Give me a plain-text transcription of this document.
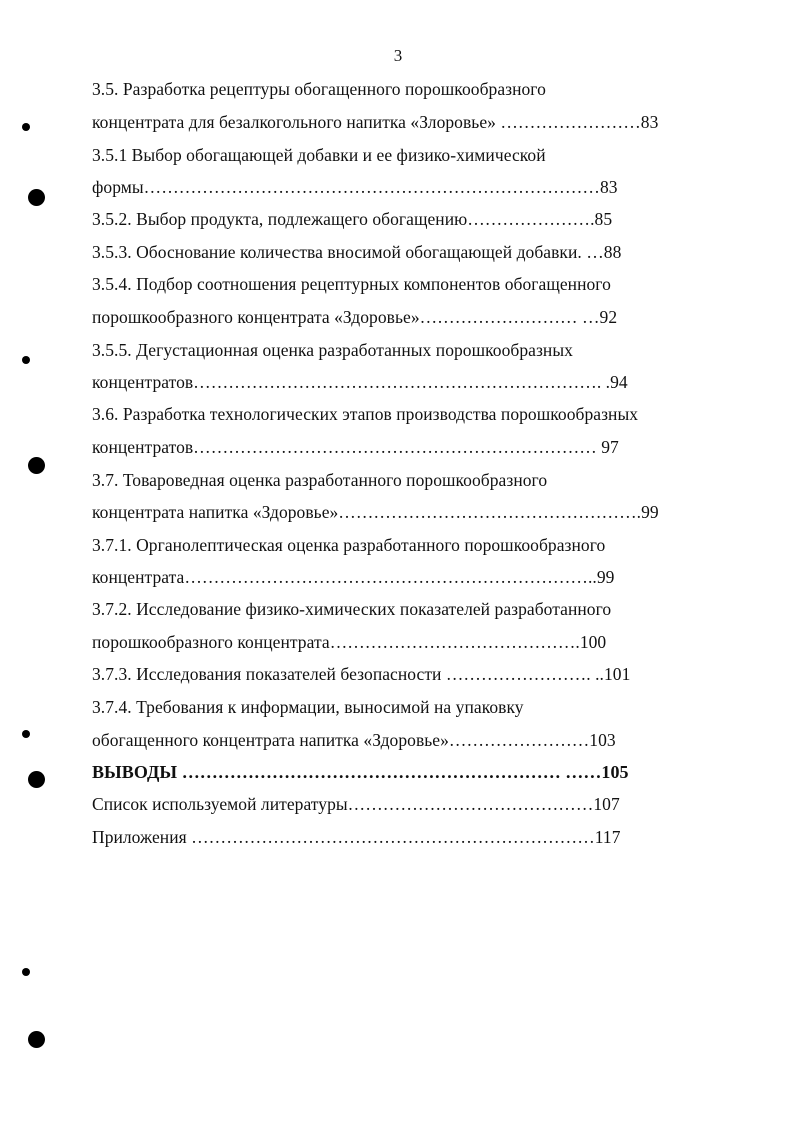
3
3.5. Разработка рецептуры обогащенного порошкообразного
концентрата для безалкогольного напитка «Злоровье» ……………………83
3.5.1 Выбор обогащающей добавки и ее физико-химической
формы……………………………………………………………………83
3.5.2. Выбор продукта, подлежащего обогащению………………….85
3.5.3. Обоснование количества вносимой обогащающей добавки. …88
3.5.4. Подбор соотношения рецептурных компонентов обогащенного
порошкообразного концентрата «Здоровье»……………………… …92
3.5.5. Дегустационная оценка разработанных порошкообразных
концентратов……………………………………………………………. .94
3.6. Разработка технологических этапов производства порошкообразных
концентратов…………………………………………………………… 97
3.7. Товароведная оценка разработанного порошкообразного
концентрата напитка «Здоровье»…………………………………………….99
3.7.1. Органолептическая оценка разработанного порошкообразного
концентрата……………………………………………………………..99
3.7.2. Исследование физико-химических показателей разработанного
порошкообразного концентрата…………………………………….100
3.7.3. Исследования показателей безопасности ……………………. ..101
3.7.4. Требования к информации, выносимой на упаковку
обогащенного концентрата напитка «Здоровье»……………………103
ВЫВОДЫ ……………………………………………………… ……105
Список используемой литературы……………………………………107
Приложения ……………………………………………………………117
